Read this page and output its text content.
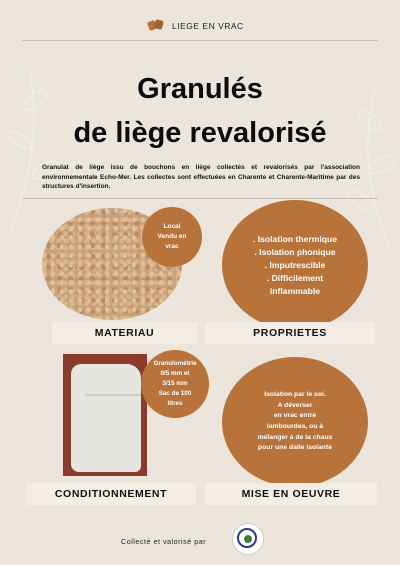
LIEGE EN VRAC
Granulés
de liège revalorisé
Granulat de liège issu de bouchons en liège collectés et revalorisés par l'association environnementale Echo-Mer. Les collectes sont effectuées en Charente et Charente-Maritime par des structures d'insertion.
Local
Vendu en vrac
MATERIAU
. Isolation thermique
. Isolation phonique
. Imputrescible
. Difficilement
inflammable
PROPRIETES
Granulométrie
0/5 mm et
3/15 mm
Sac de 100
litres
CONDITIONNEMENT
Isolation par le sol.
A déverser
en vrac entre
lambourdes, ou à
mélanger à de la chaux
pour une dalle isolante
MISE EN OEUVRE
Collecté et valorisé par
